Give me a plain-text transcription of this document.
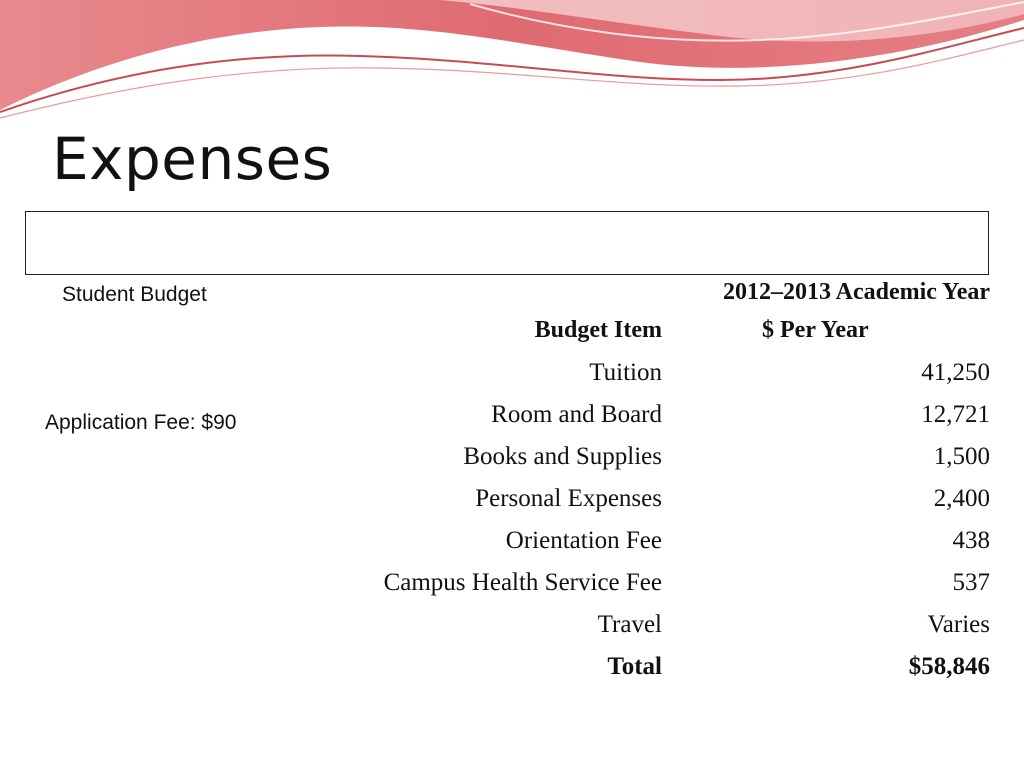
Expenses
Student Budget
Application Fee: $90
2012–2013 Academic Year
Budget Item	$ Per Year
Tuition	41,250
Room and Board	12,721
Books and Supplies	1,500
Personal Expenses	2,400
Orientation Fee	438
Campus Health Service Fee	537
Travel	Varies
Total	$58,846
